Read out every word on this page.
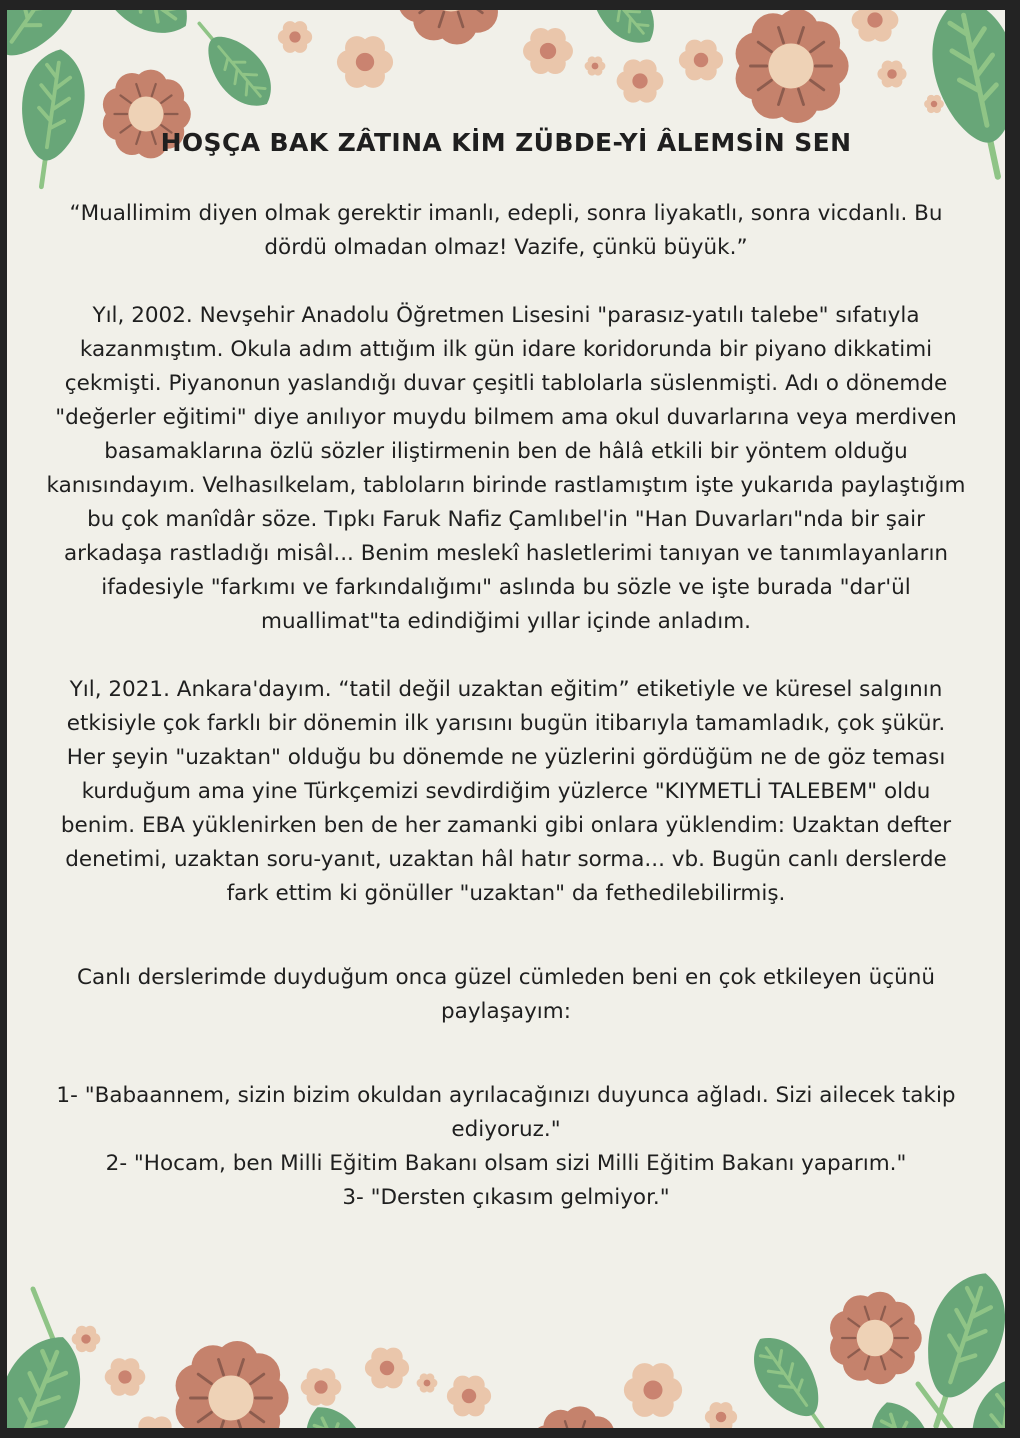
HOŞÇA BAK ZÂTINA KİM ZÜBDE-Yİ ÂLEMSİN SEN

“Muallimim diyen olmak gerektir imanlı, edepli, sonra liyakatlı, sonra vicdanlı. Bu dördü olmadan olmaz! Vazife, çünkü büyük.”

Yıl, 2002. Nevşehir Anadolu Öğretmen Lisesini "parasız-yatılı talebe" sıfatıyla kazanmıştım. Okula adım attığım ilk gün idare koridorunda bir piyano dikkatimi çekmişti. Piyanonun yaslandığı duvar çeşitli tablolarla süslenmişti. Adı o dönemde "değerler eğitimi" diye anılıyor muydu bilmem ama okul duvarlarına veya merdiven basamaklarına özlü sözler iliştirmenin ben de hâlâ etkili bir yöntem olduğu kanısındayım. Velhasılkelam, tabloların birinde rastlamıştım işte yukarıda paylaştığım bu çok manîdâr söze. Tıpkı Faruk Nafiz Çamlıbel'in "Han Duvarları"nda bir şair arkadaşa rastladığı misâl... Benim meslekî hasletlerimi tanıyan ve tanımlayanların ifadesiyle "farkımı ve farkındalığımı" aslında bu sözle ve işte burada "dar'ül muallimat"ta edindiğimi yıllar içinde anladım.

Yıl, 2021. Ankara'dayım. “tatil değil uzaktan eğitim” etiketiyle ve küresel salgının etkisiyle çok farklı bir dönemin ilk yarısını bugün itibarıyla tamamladık, çok şükür. Her şeyin "uzaktan" olduğu bu dönemde ne yüzlerini gördüğüm ne de göz teması kurduğum ama yine Türkçemizi sevdirdiğim yüzlerce "KIYMETLİ TALEBEM" oldu benim. EBA yüklenirken ben de her zamanki gibi onlara yüklendim: Uzaktan defter denetimi, uzaktan soru-yanıt, uzaktan hâl hatır sorma... vb. Bugün canlı derslerde fark ettim ki gönüller "uzaktan" da fethedilebilirmiş.

Canlı derslerimde duyduğum onca güzel cümleden beni en çok etkileyen üçünü paylaşayım:

1- "Babaannem, sizin bizim okuldan ayrılacağınızı duyunca ağladı. Sizi ailecek takip ediyoruz."

2- "Hocam, ben Milli Eğitim Bakanı olsam sizi Milli Eğitim Bakanı yaparım."

3- "Dersten çıkasım gelmiyor."
